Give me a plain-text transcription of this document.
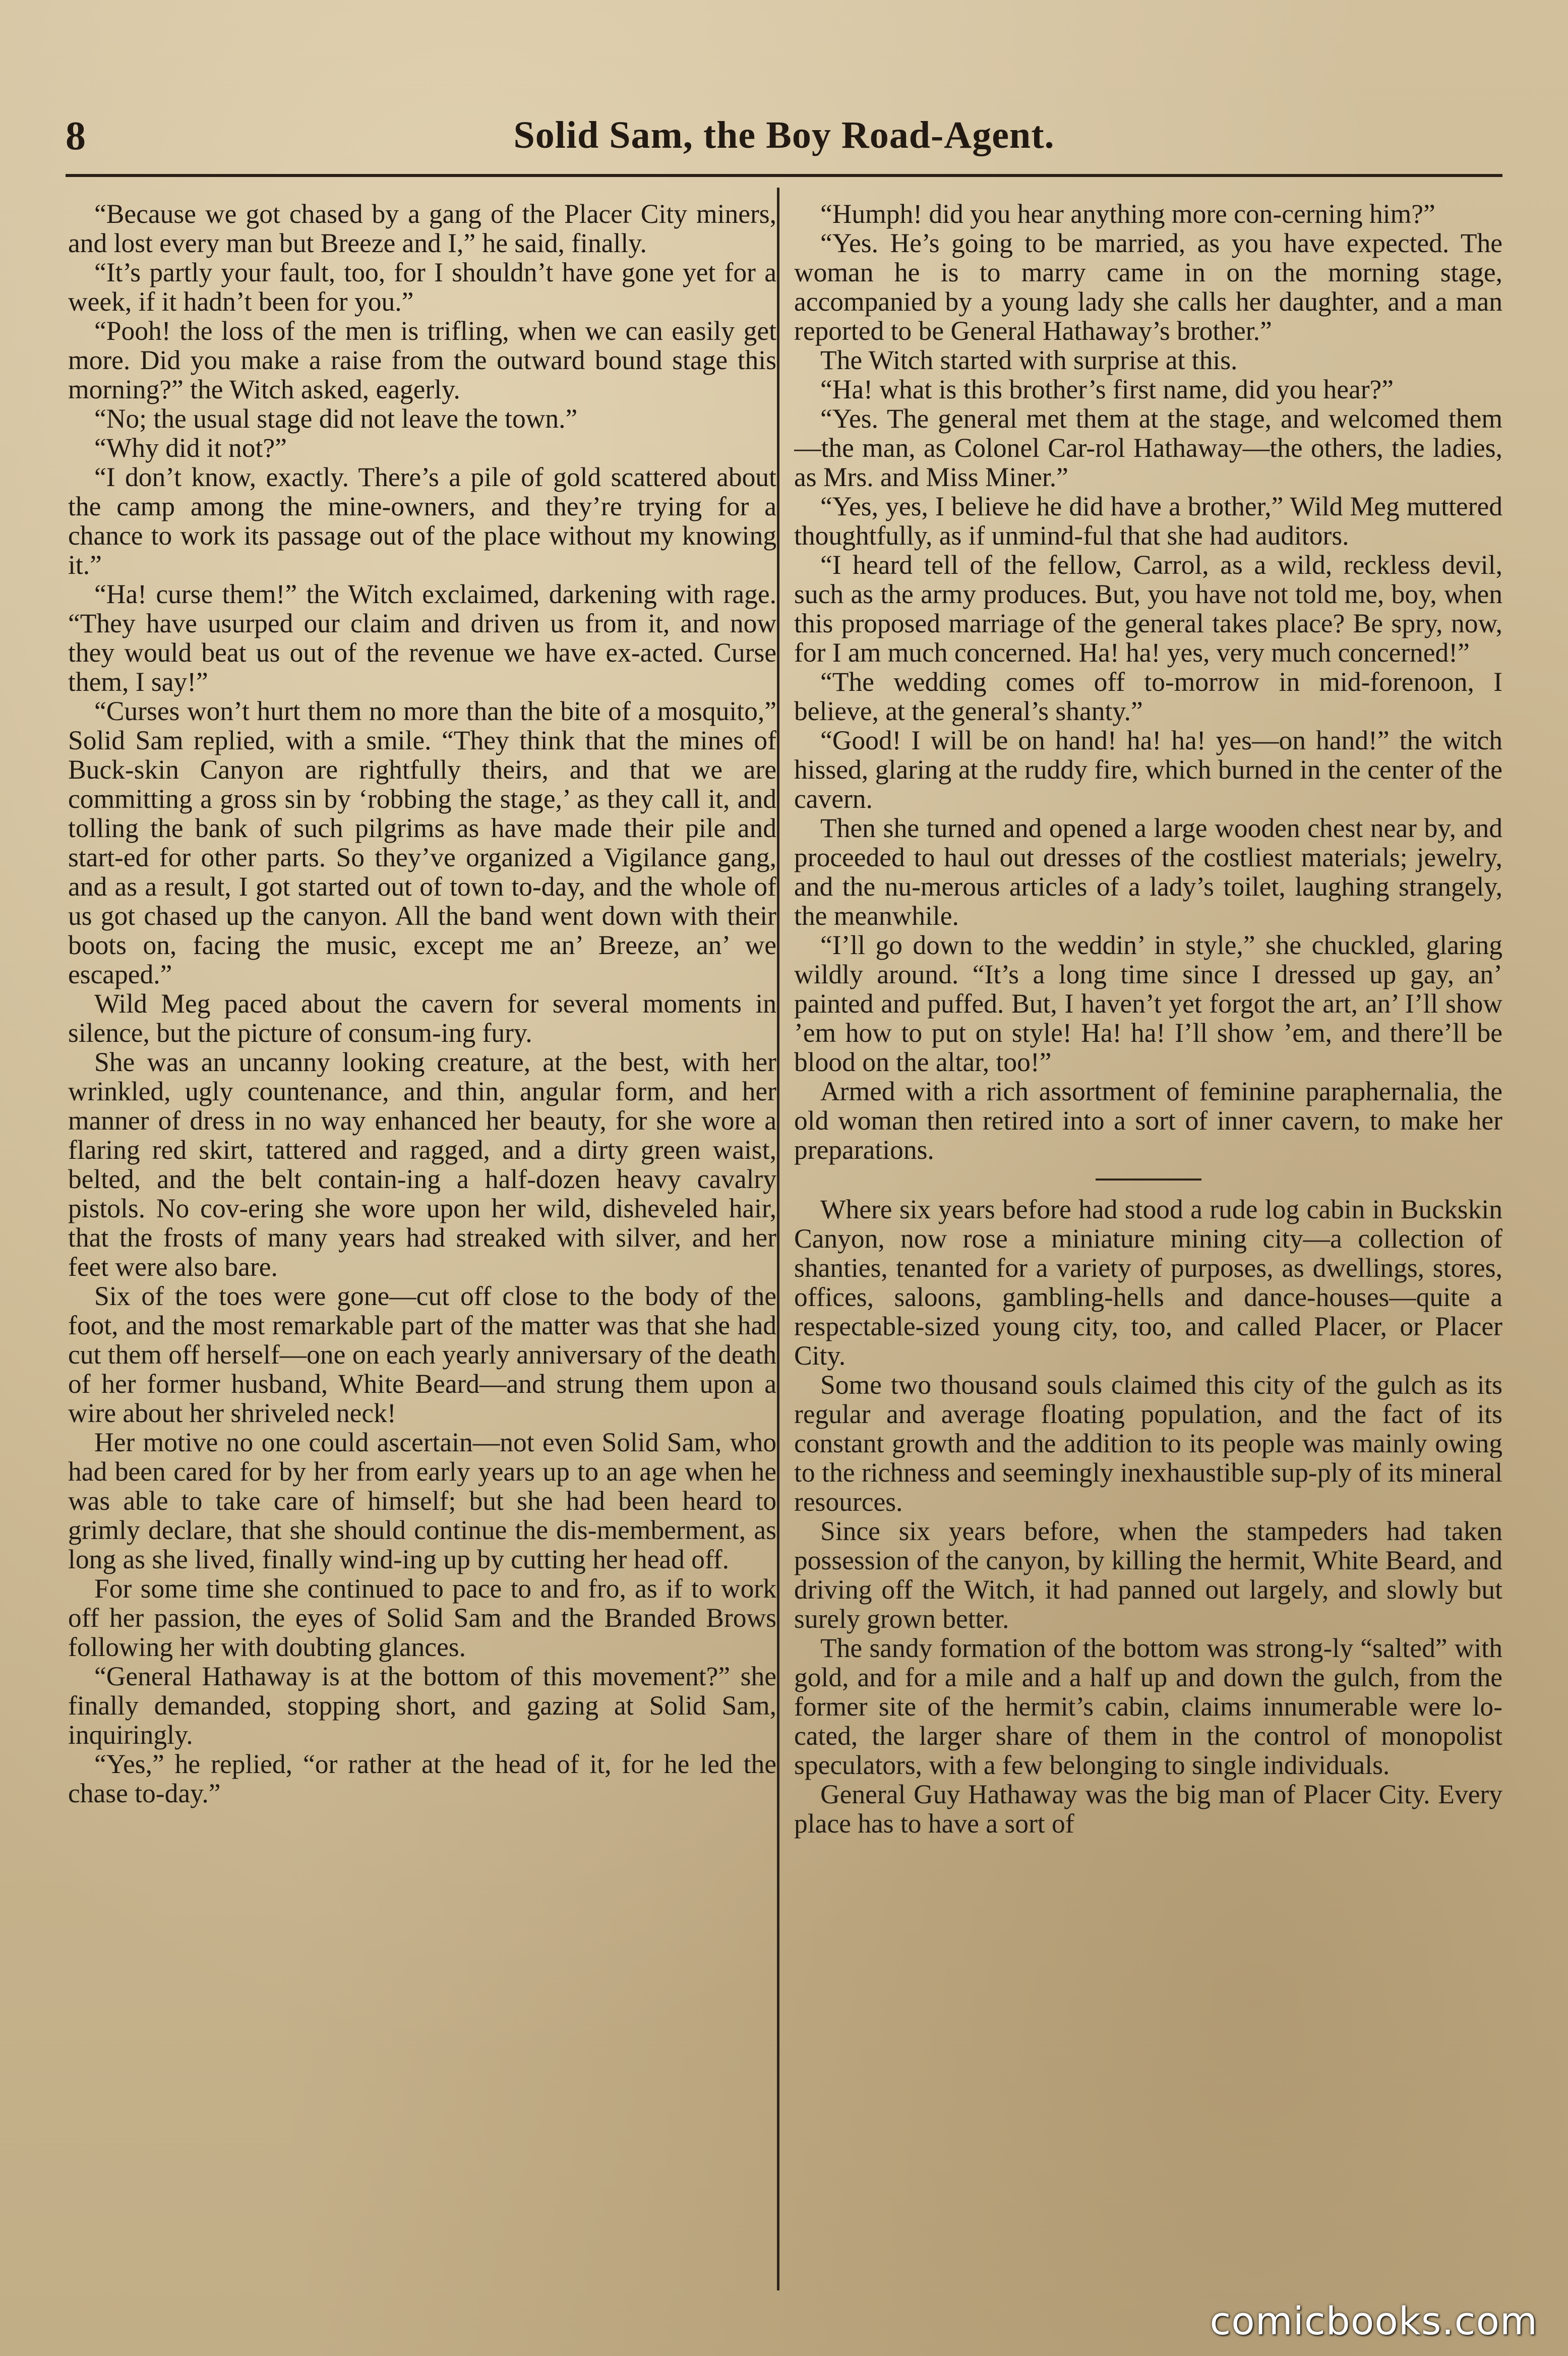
8	Solid Sam, the Boy Road-Agent.

“Because we got chased by a gang of the Placer City miners, and lost every man but Breeze and I,” he said, finally.

“It’s partly your fault, too, for I shouldn’t have gone yet for a week, if it hadn’t been for you.”

“Pooh! the loss of the men is trifling, when we can easily get more. Did you make a raise from the outward bound stage this morning?” the Witch asked, eagerly.

“No; the usual stage did not leave the town.”

“Why did it not?”

“I don’t know, exactly. There’s a pile of gold scattered about the camp among the mine-owners, and they’re trying for a chance to work its passage out of the place without my knowing it.”

“Ha! curse them!” the Witch exclaimed, darkening with rage. “They have usurped our claim and driven us from it, and now they would beat us out of the revenue we have ex-acted. Curse them, I say!”

“Curses won’t hurt them no more than the bite of a mosquito,” Solid Sam replied, with a smile. “They think that the mines of Buck-skin Canyon are rightfully theirs, and that we are committing a gross sin by ‘robbing the stage,’ as they call it, and tolling the bank of such pilgrims as have made their pile and start-ed for other parts. So they’ve organized a Vigilance gang, and as a result, I got started out of town to-day, and the whole of us got chased up the canyon. All the band went down with their boots on, facing the music, except me an’ Breeze, an’ we escaped.”

Wild Meg paced about the cavern for several moments in silence, but the picture of consum-ing fury.

She was an uncanny looking creature, at the best, with her wrinkled, ugly countenance, and thin, angular form, and her manner of dress in no way enhanced her beauty, for she wore a flaring red skirt, tattered and ragged, and a dirty green waist, belted, and the belt contain-ing a half-dozen heavy cavalry pistols. No cov-ering she wore upon her wild, disheveled hair, that the frosts of many years had streaked with silver, and her feet were also bare.

Six of the toes were gone—cut off close to the body of the foot, and the most remarkable part of the matter was that she had cut them off herself—one on each yearly anniversary of the death of her former husband, White Beard—and strung them upon a wire about her shriveled neck!

Her motive no one could ascertain—not even Solid Sam, who had been cared for by her from early years up to an age when he was able to take care of himself; but she had been heard to grimly declare, that she should continue the dis-memberment, as long as she lived, finally wind-ing up by cutting her head off.

For some time she continued to pace to and fro, as if to work off her passion, the eyes of Solid Sam and the Branded Brows following her with doubting glances.

“General Hathaway is at the bottom of this movement?” she finally demanded, stopping short, and gazing at Solid Sam, inquiringly.

“Yes,” he replied, “or rather at the head of it, for he led the chase to-day.”

“Humph! did you hear anything more con-cerning him?”

“Yes. He’s going to be married, as you have expected. The woman he is to marry came in on the morning stage, accompanied by a young lady she calls her daughter, and a man reported to be General Hathaway’s brother.”

The Witch started with surprise at this.

“Ha! what is this brother’s first name, did you hear?”

“Yes. The general met them at the stage, and welcomed them—the man, as Colonel Car-rol Hathaway—the others, the ladies, as Mrs. and Miss Miner.”

“Yes, yes, I believe he did have a brother,” Wild Meg muttered thoughtfully, as if unmind-ful that she had auditors.

“I heard tell of the fellow, Carrol, as a wild, reckless devil, such as the army produces. But, you have not told me, boy, when this proposed marriage of the general takes place? Be spry, now, for I am much concerned. Ha! ha! yes, very much concerned!”

“The wedding comes off to-morrow in mid-forenoon, I believe, at the general’s shanty.”

“Good! I will be on hand! ha! ha! yes—on hand!” the witch hissed, glaring at the ruddy fire, which burned in the center of the cavern.

Then she turned and opened a large wooden chest near by, and proceeded to haul out dresses of the costliest materials; jewelry, and the nu-merous articles of a lady’s toilet, laughing strangely, the meanwhile.

“I’ll go down to the weddin’ in style,” she chuckled, glaring wildly around. “It’s a long time since I dressed up gay, an’ painted and puffed. But, I haven’t yet forgot the art, an’ I’ll show ’em how to put on style! Ha! ha! I’ll show ’em, and there’ll be blood on the altar, too!”

Armed with a rich assortment of feminine paraphernalia, the old woman then retired into a sort of inner cavern, to make her preparations.

Where six years before had stood a rude log cabin in Buckskin Canyon, now rose a miniature mining city—a collection of shanties, tenanted for a variety of purposes, as dwellings, stores, offices, saloons, gambling-hells and dance-houses—quite a respectable-sized young city, too, and called Placer, or Placer City.

Some two thousand souls claimed this city of the gulch as its regular and average floating population, and the fact of its constant growth and the addition to its people was mainly owing to the richness and seemingly inexhaustible sup-ply of its mineral resources.

Since six years before, when the stampeders had taken possession of the canyon, by killing the hermit, White Beard, and driving off the Witch, it had panned out largely, and slowly but surely grown better.

The sandy formation of the bottom was strong-ly “salted” with gold, and for a mile and a half up and down the gulch, from the former site of the hermit’s cabin, claims innumerable were lo-cated, the larger share of them in the control of monopolist speculators, with a few belonging to single individuals.

General Guy Hathaway was the big man of Placer City. Every place has to have a sort of

comicbooks.com
